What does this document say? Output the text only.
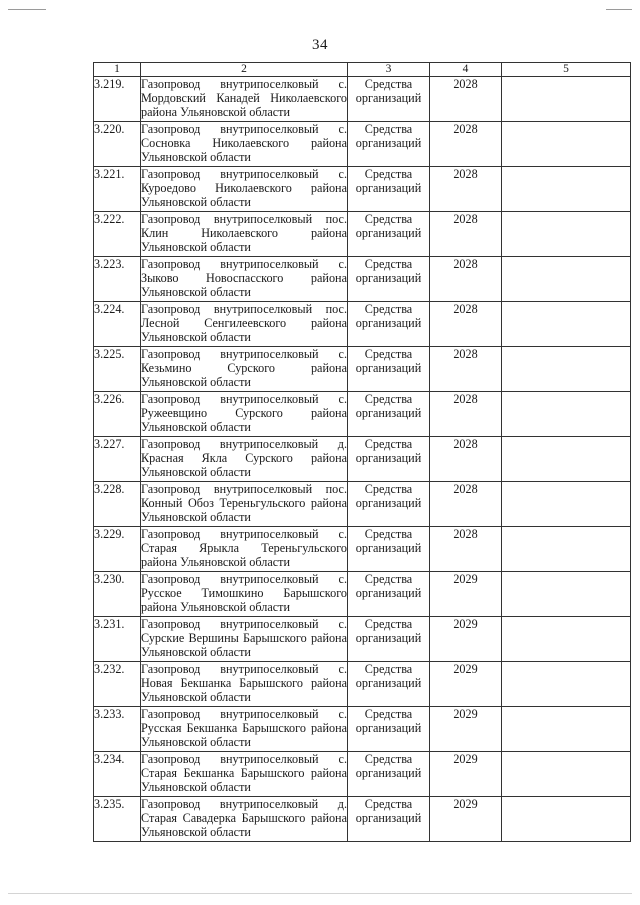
34
1	2	3	4	5
3.219.	Газопровод внутрипоселковый с. Мордовский Канадей Николаевского района Ульяновской области	Средства организаций	2028	
3.220.	Газопровод внутрипоселковый с. Сосновка Николаевского района Ульяновской области	Средства организаций	2028	
3.221.	Газопровод внутрипоселковый с. Куроедово Николаевского района Ульяновской области	Средства организаций	2028	
3.222.	Газопровод внутрипоселковый пос. Клин Николаевского района Ульяновской области	Средства организаций	2028	
3.223.	Газопровод внутрипоселковый с. Зыково Новоспасского района Ульяновской области	Средства организаций	2028	
3.224.	Газопровод внутрипоселковый пос. Лесной Сенгилеевского района Ульяновской области	Средства организаций	2028	
3.225.	Газопровод внутрипоселковый с. Кезьмино Сурского района Ульяновской области	Средства организаций	2028	
3.226.	Газопровод внутрипоселковый с. Ружеевщино Сурского района Ульяновской области	Средства организаций	2028	
3.227.	Газопровод внутрипоселковый д. Красная Якла Сурского района Ульяновской области	Средства организаций	2028	
3.228.	Газопровод внутрипоселковый пос. Конный Обоз Тереньгульского района Ульяновской области	Средства организаций	2028	
3.229.	Газопровод внутрипоселковый с. Старая Ярыкла Тереньгульского района Ульяновской области	Средства организаций	2028	
3.230.	Газопровод внутрипоселковый с. Русское Тимошкино Барышского района Ульяновской области	Средства организаций	2029	
3.231.	Газопровод внутрипоселковый с. Сурские Вершины Барышского района Ульяновской области	Средства организаций	2029	
3.232.	Газопровод внутрипоселковый с. Новая Бекшанка Барышского района Ульяновской области	Средства организаций	2029	
3.233.	Газопровод внутрипоселковый с. Русская Бекшанка Барышского района Ульяновской области	Средства организаций	2029	
3.234.	Газопровод внутрипоселковый с. Старая Бекшанка Барышского района Ульяновской области	Средства организаций	2029	
3.235.	Газопровод внутрипоселковый д. Старая Савадерка Барышского района Ульяновской области	Средства организаций	2029	
